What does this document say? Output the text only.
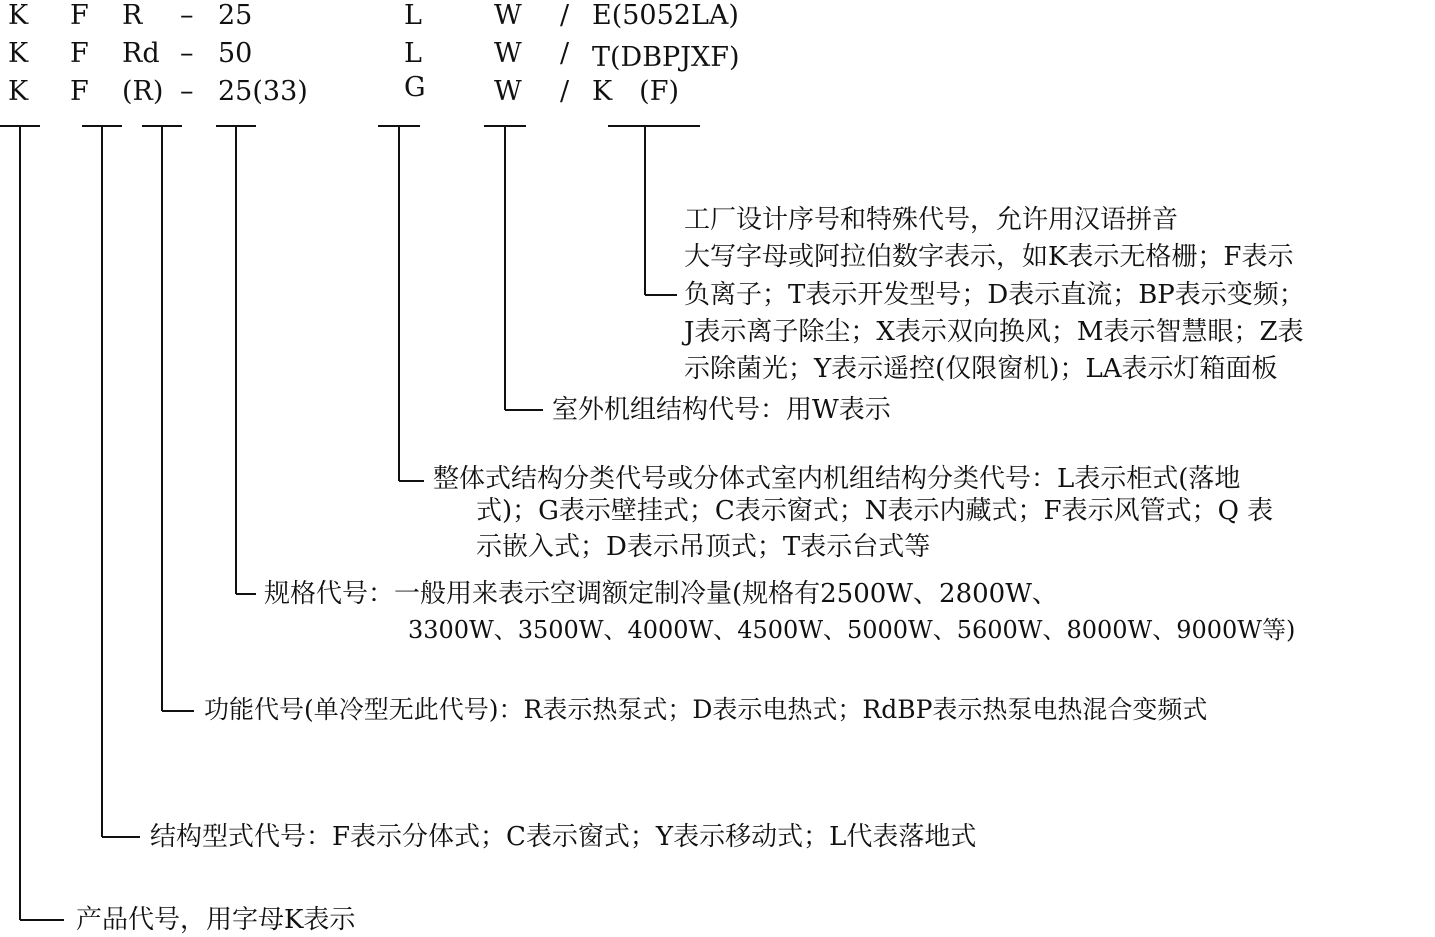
K F R – 25	L	W / E(5052LA)
K F Rd – 50	L	W / T(DBPJXF)
K F (R) – 25(33)	G	W / K　(F)
工厂设计序号和特殊代号，允许用汉语拼音
大写字母或阿拉伯数字表示，如K表示无格栅；F表示
负离子；T表示开发型号；D表示直流；BP表示变频；
J表示离子除尘；X表示双向换风；M表示智慧眼；Z表
示除菌光；Y表示遥控(仅限窗机)；LA表示灯箱面板
室外机组结构代号：用W表示
整体式结构分类代号或分体式室内机组结构分类代号：L表示柜式(落地
式)；G表示壁挂式；C表示窗式；N表示内藏式；F表示风管式；Q 表
示嵌入式；D表示吊顶式；T表示台式等
规格代号：一般用来表示空调额定制冷量(规格有2500W、2800W、
3300W、3500W、4000W、4500W、5000W、5600W、8000W、9000W等)
功能代号(单冷型无此代号)：R表示热泵式；D表示电热式；RdBP表示热泵电热混合变频式
结构型式代号：F表示分体式；C表示窗式；Y表示移动式；L代表落地式
产品代号，用字母K表示
